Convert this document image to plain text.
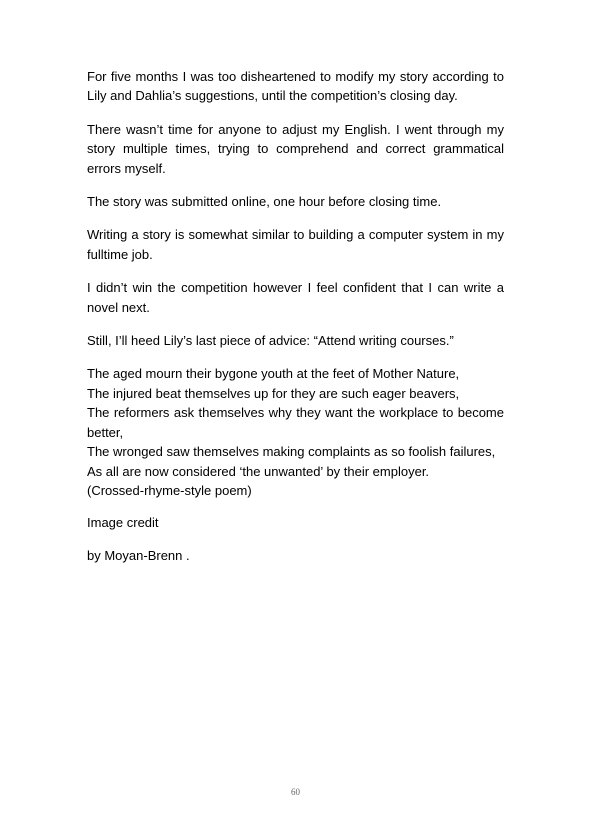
For five months I was too disheartened to modify my story according to Lily and Dahlia’s suggestions, until the competition’s closing day.

There wasn’t time for anyone to adjust my English. I went through my story multiple times, trying to comprehend and correct grammatical errors myself.

The story was submitted online, one hour before closing time.

Writing a story is somewhat similar to building a computer system in my fulltime job.

I didn’t win the competition however I feel confident that I can write a novel next.

Still, I’ll heed Lily’s last piece of advice: “Attend writing courses.”

The aged mourn their bygone youth at the feet of Mother Nature,
The injured beat themselves up for they are such eager beavers,
The reformers ask themselves why they want the workplace to become better,
The wronged saw themselves making complaints as so foolish failures,
As all are now considered ‘the unwanted’ by their employer.
(Crossed-rhyme-style poem)

Image credit

by Moyan-Brenn .

60
